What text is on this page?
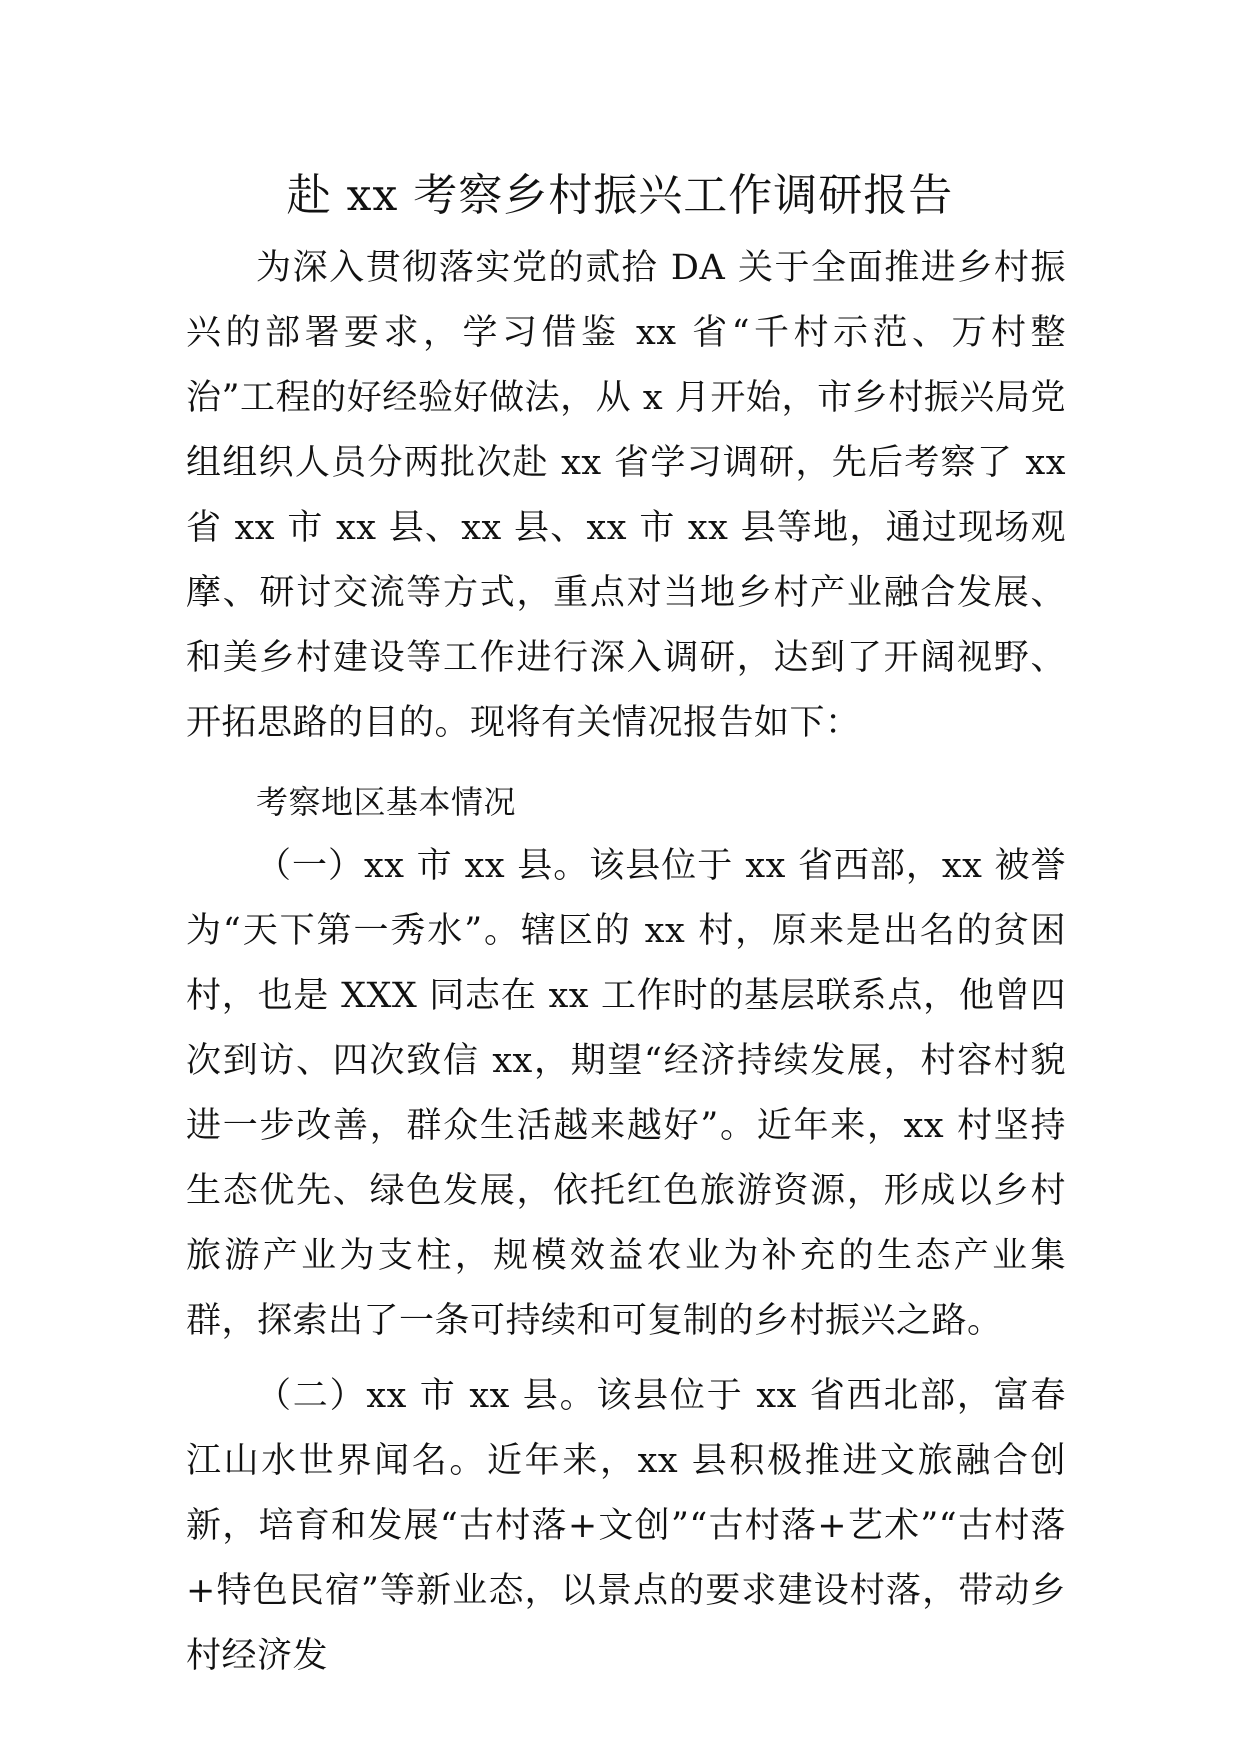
赴 xx 考察乡村振兴工作调研报告

为深入贯彻落实党的贰拾 DA 关于全面推进乡村振兴的部署要求，学习借鉴 xx 省“千村示范、万村整治”工程的好经验好做法，从 x 月开始，市乡村振兴局党组组织人员分两批次赴 xx 省学习调研，先后考察了 xx 省 xx 市 xx 县、xx 县、xx 市 xx 县等地，通过现场观摩、研讨交流等方式，重点对当地乡村产业融合发展、和美乡村建设等工作进行深入调研，达到了开阔视野、开拓思路的目的。现将有关情况报告如下：

考察地区基本情况

（一）xx 市 xx 县。该县位于 xx 省西部，xx 被誉为“天下第一秀水”。辖区的 xx 村，原来是出名的贫困村，也是 XXX 同志在 xx 工作时的基层联系点，他曾四次到访、四次致信 xx，期望“经济持续发展，村容村貌进一步改善，群众生活越来越好”。近年来，xx 村坚持生态优先、绿色发展，依托红色旅游资源，形成以乡村旅游产业为支柱，规模效益农业为补充的生态产业集群，探索出了一条可持续和可复制的乡村振兴之路。

（二）xx 市 xx 县。该县位于 xx 省西北部，富春江山水世界闻名。近年来，xx 县积极推进文旅融合创新，培育和发展“古村落+文创”“古村落+艺术”“古村落+特色民宿”等新业态，以景点的要求建设村落，带动乡村经济发
